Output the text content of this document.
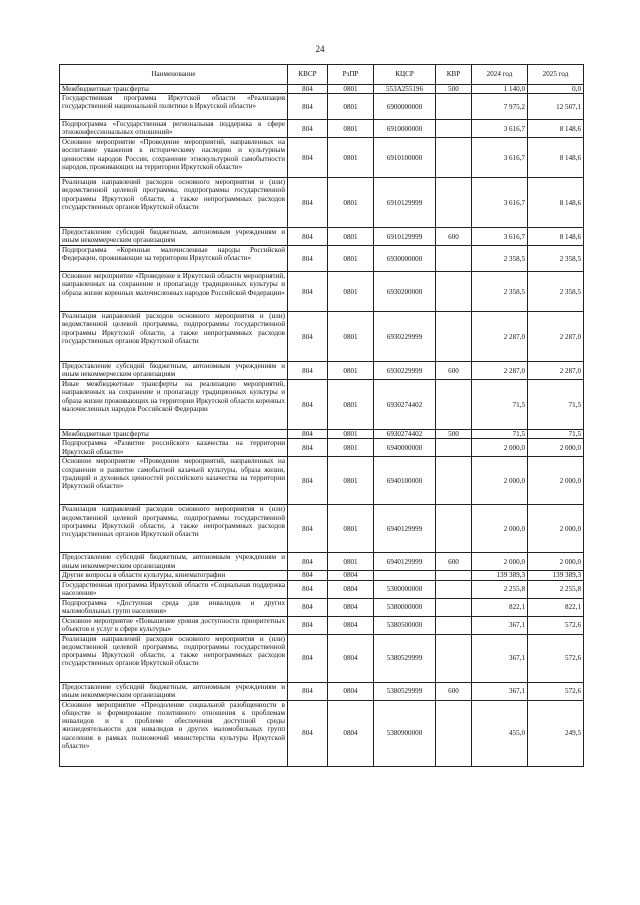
24
Наименование	КВСР	РзПР	КЦСР	КВР	2024 год	2025 год
Межбюджетные трансферты	804	0801	553A255196	500	1 140,0	0,0
Государственная программа Иркутской области «Реализация государственной национальной политики в Иркутской области»	804	0801	6900000000		7 975,2	12 507,1
Подпрограмма «Государственная региональная поддержка в сфере этноконфессиональных отношений»	804	0801	6910000000		3 616,7	8 148,6
Основное мероприятие «Проведение мероприятий, направленных на воспитание уважения к историческому наследию и культурным ценностям народов России, сохранение этнокультурной самобытности народов, проживающих на территории Иркутской области»	804	0801	6910100000		3 616,7	8 148,6
Реализация направлений расходов основного мероприятия и (или) ведомственной целевой программы, подпрограммы государственной программы Иркутской области, а также непрограммных расходов государственных органов Иркутской области	804	0801	6910129999		3 616,7	8 148,6
Предоставление субсидий бюджетным, автономным учреждениям и иным некоммерческим организациям	804	0801	6910129999	600	3 616,7	8 148,6
Подпрограмма «Коренные малочисленные народы Российской Федерации, проживающие на территории Иркутской области»	804	0801	6930000000		2 358,5	2 358,5
Основное мероприятие «Проведение в Иркутской области мероприятий, направленных на сохранение и пропаганду традиционных культуры и образа жизни коренных малочисленных народов Российской Федерации»	804	0801	6930200000		2 358,5	2 358,5
Реализация направлений расходов основного мероприятия и (или) ведомственной целевой программы, подпрограммы государственной программы Иркутской области, а также непрограммных расходов государственных органов Иркутской области	804	0801	6930229999		2 287,0	2 287,0
Предоставление субсидий бюджетным, автономным учреждениям и иным некоммерческим организациям	804	0801	6930229999	600	2 287,0	2 287,0
Иные межбюджетные трансферты на реализацию мероприятий, направленных на сохранение и пропаганду традиционных культуры и образа жизни проживающих на территории Иркутской области коренных малочисленных народов Российской Федерации	804	0801	6930274402		71,5	71,5
Межбюджетные трансферты	804	0801	6930274402	500	71,5	71,5
Подпрограмма «Развитие российского казачества на территории Иркутской области»	804	0801	6940000000		2 000,0	2 000,0
Основное мероприятие «Проведение мероприятий, направленных на сохранение и развитие самобытной казачьей культуры, образа жизни, традиций и духовных ценностей российского казачества на территории Иркутской области»	804	0801	6940100000		2 000,0	2 000,0
Реализация направлений расходов основного мероприятия и (или) ведомственной целевой программы, подпрограммы государственной программы Иркутской области, а также непрограммных расходов государственных органов Иркутской области	804	0801	6940129999		2 000,0	2 000,0
Предоставление субсидий бюджетным, автономным учреждениям и иным некоммерческим организациям	804	0801	6940129999	600	2 000,0	2 000,0
Другие вопросы в области культуры, кинематографии	804	0804			139 389,3	139 389,3
Государственная программа Иркутской области «Социальная поддержка населения»	804	0804	5300000000		2 255,8	2 255,8
Подпрограмма «Доступная среда для инвалидов и других маломобильных групп населения»	804	0804	5380000000		822,1	822,1
Основное мероприятие «Повышение уровня доступности приоритетных объектов и услуг в сфере культуры»	804	0804	5380500000		367,1	572,6
Реализация направлений расходов основного мероприятия и (или) ведомственной целевой программы, подпрограммы государственной программы Иркутской области, а также непрограммных расходов государственных органов Иркутской области	804	0804	5380529999		367,1	572,6
Предоставление субсидий бюджетным, автономным учреждениям и иным некоммерческим организациям	804	0804	5380529999	600	367,1	572,6
Основное мероприятие «Преодоление социальной разобщенности в обществе и формирование позитивного отношения к проблемам инвалидов и к проблеме обеспечения доступной среды жизнедеятельности для инвалидов и других маломобильных групп населения в рамках полномочий министерства культуры Иркутской области»	804	0804	5380900000		455,0	249,5
